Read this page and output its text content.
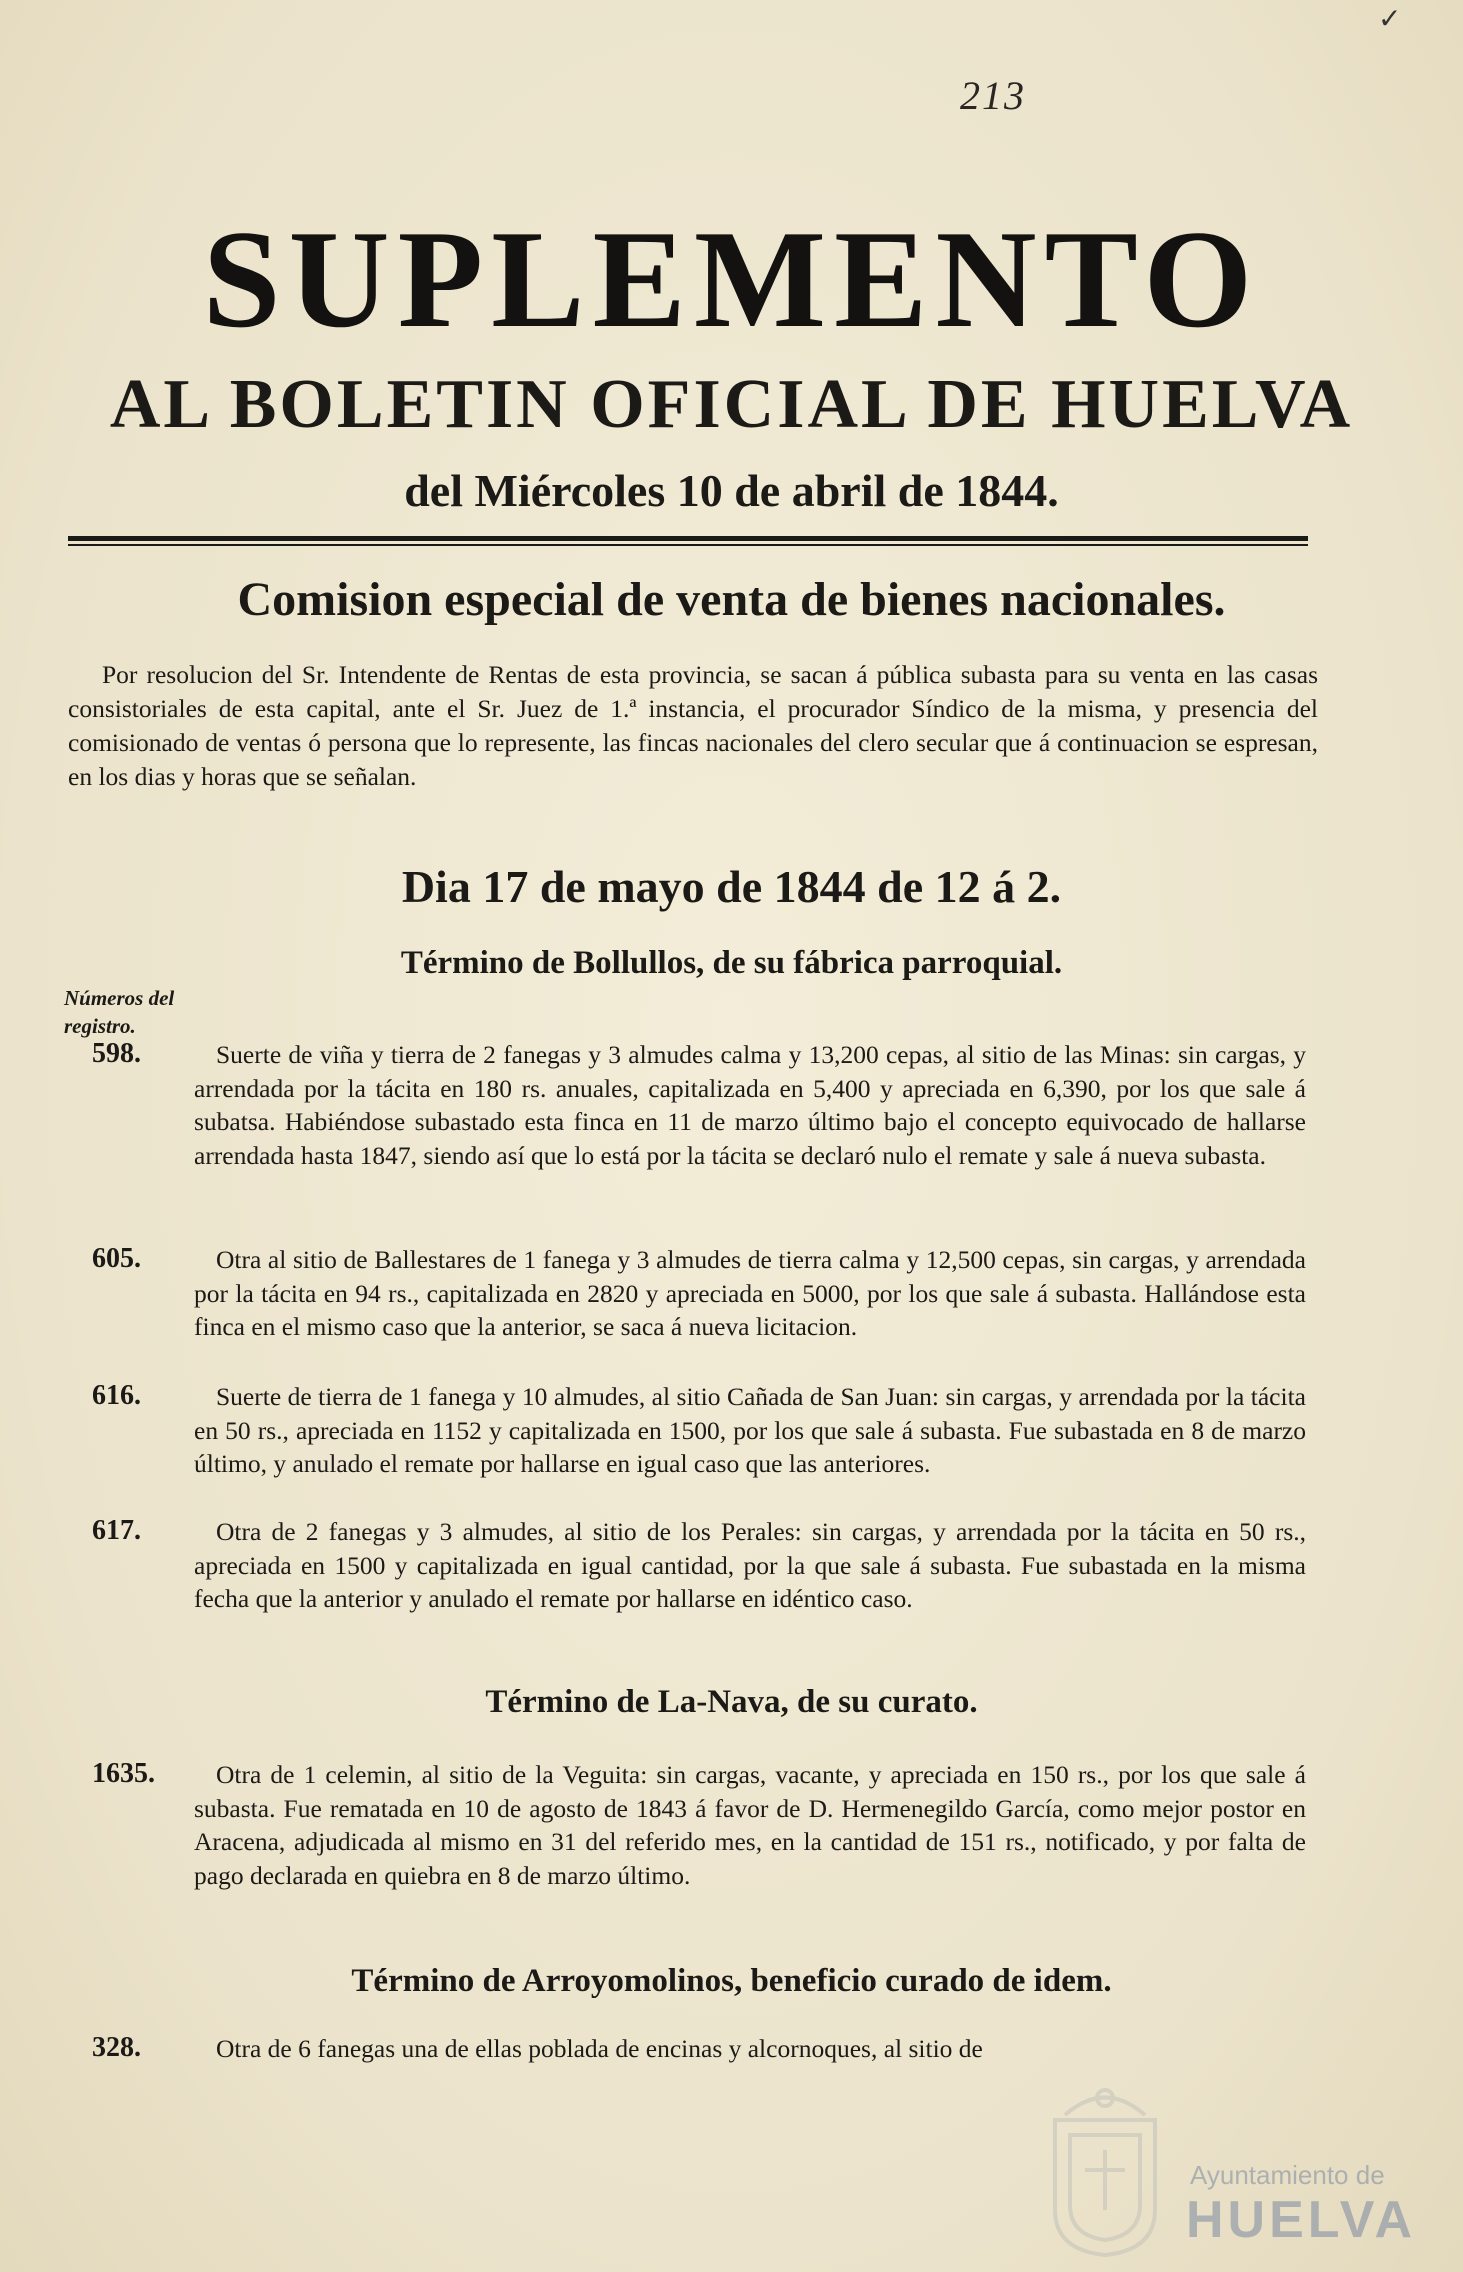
✓
213
SUPLEMENTO
AL BOLETIN OFICIAL DE HUELVA
del Miércoles 10 de abril de 1844.
Comision especial de venta de bienes nacionales.
Por resolucion del Sr. Intendente de Rentas de esta provincia, se sacan á pública subasta para su venta en las casas consistoriales de esta capital, ante el Sr. Juez de 1.ª instancia, el procurador Síndico de la misma, y presencia del comisionado de ventas ó persona que lo represente, las fincas nacionales del clero secular que á continuacion se espresan, en los dias y horas que se señalan.
Dia 17 de mayo de 1844 de 12 á 2.
Término de Bollullos, de su fábrica parroquial.
Números del registro.
598.	Suerte de viña y tierra de 2 fanegas y 3 almudes calma y 13,200 cepas, al sitio de las Minas: sin cargas, y arrendada por la tácita en 180 rs. anuales, capitalizada en 5,400 y apreciada en 6,390, por los que sale á subatsa. Habiéndose subastado esta finca en 11 de marzo último bajo el concepto equivocado de hallarse arrendada hasta 1847, siendo así que lo está por la tácita se declaró nulo el remate y sale á nueva subasta.
605.	Otra al sitio de Ballestares de 1 fanega y 3 almudes de tierra calma y 12,500 cepas, sin cargas, y arrendada por la tácita en 94 rs., capitalizada en 2820 y apreciada en 5000, por los que sale á subasta. Hallándose esta finca en el mismo caso que la anterior, se saca á nueva licitacion.
616.	Suerte de tierra de 1 fanega y 10 almudes, al sitio Cañada de San Juan: sin cargas, y arrendada por la tácita en 50 rs., apreciada en 1152 y capitalizada en 1500, por los que sale á subasta. Fue subastada en 8 de marzo último, y anulado el remate por hallarse en igual caso que las anteriores.
617.	Otra de 2 fanegas y 3 almudes, al sitio de los Perales: sin cargas, y arrendada por la tácita en 50 rs., apreciada en 1500 y capitalizada en igual cantidad, por la que sale á subasta. Fue subastada en la misma fecha que la anterior y anulado el remate por hallarse en idéntico caso.
Término de La-Nava, de su curato.
1635.	Otra de 1 celemin, al sitio de la Veguita: sin cargas, vacante, y apreciada en 150 rs., por los que sale á subasta. Fue rematada en 10 de agosto de 1843 á favor de D. Hermenegildo García, como mejor postor en Aracena, adjudicada al mismo en 31 del referido mes, en la cantidad de 151 rs., notificado, y por falta de pago declarada en quiebra en 8 de marzo último.
Término de Arroyomolinos, beneficio curado de idem.
328.	Otra de 6 fanegas una de ellas poblada de encinas y alcornoques, al sitio de
Ayuntamiento de
HUELVA
